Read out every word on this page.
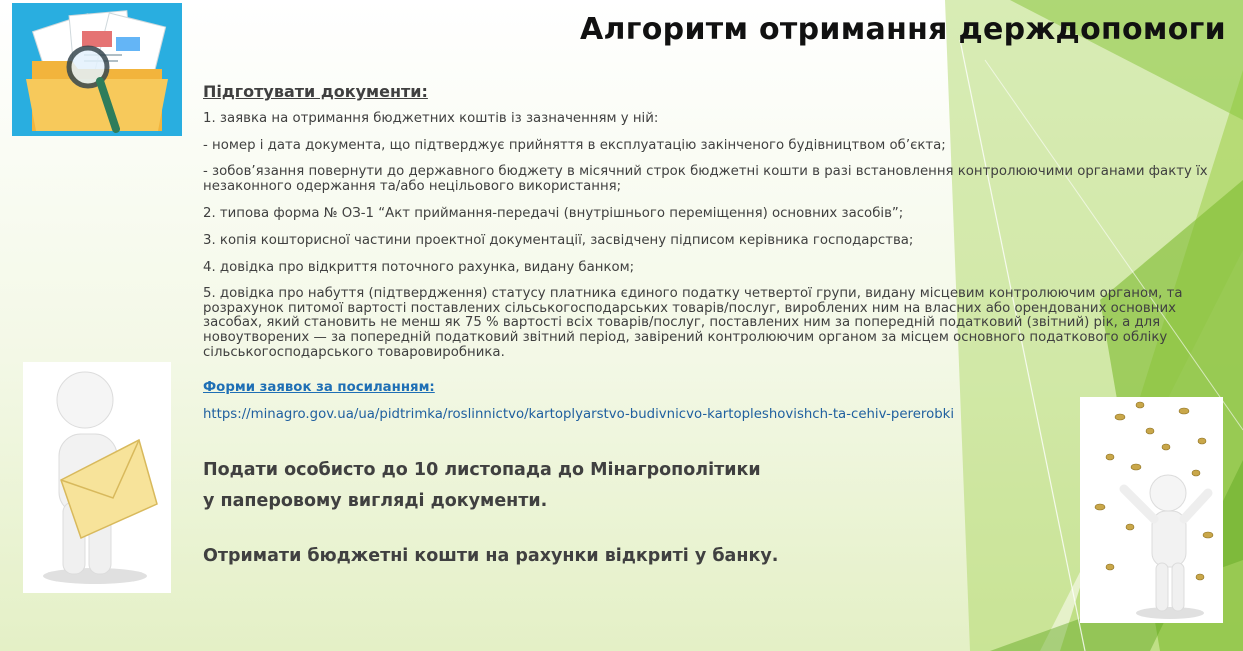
Алгоритм отримання держдопомоги
Підготувати документи:
1. заявка на отримання бюджетних коштів із зазначенням у ній:
- номер і дата документа, що підтверджує прийняття в експлуатацію закінченого будівництвом об’єкта;
- зобов’язання повернути до державного бюджету в місячний строк бюджетні кошти в разі встановлення контролюючими органами факту їх незаконного одержання та/або нецільового використання;
2. типова форма № ОЗ-1 “Акт приймання-передачі (внутрішнього переміщення) основних засобів”;
3. копія кошторисної частини проектної документації, засвідчену підписом керівника господарства;
4. довідка про відкриття поточного рахунка, видану банком;
5. довідка про набуття (підтвердження) статусу платника єдиного податку четвертої групи, видану місцевим контролюючим органом, та розрахунок питомої вартості поставлених сільськогосподарських товарів/послуг, вироблених ним на власних або орендованих основних засобах, який становить не менш як 75 % вартості всіх товарів/послуг, поставлених ним за попередній податковий (звітний) рік, а для новоутворених — за попередній податковий звітний період, завірений контролюючим органом за місцем основного податкового обліку сільськогосподарського товаровиробника.
Форми заявок за посиланням:
https://minagro.gov.ua/ua/pidtrimka/roslinnictvo/kartoplyarstvo-budivnicvo-kartopleshovishch-ta-cehiv-pererobki
Подати особисто до 10 листопада до Мінагрополітики
у паперовому вигляді документи.
Отримати бюджетні кошти на рахунки відкриті у банку.
